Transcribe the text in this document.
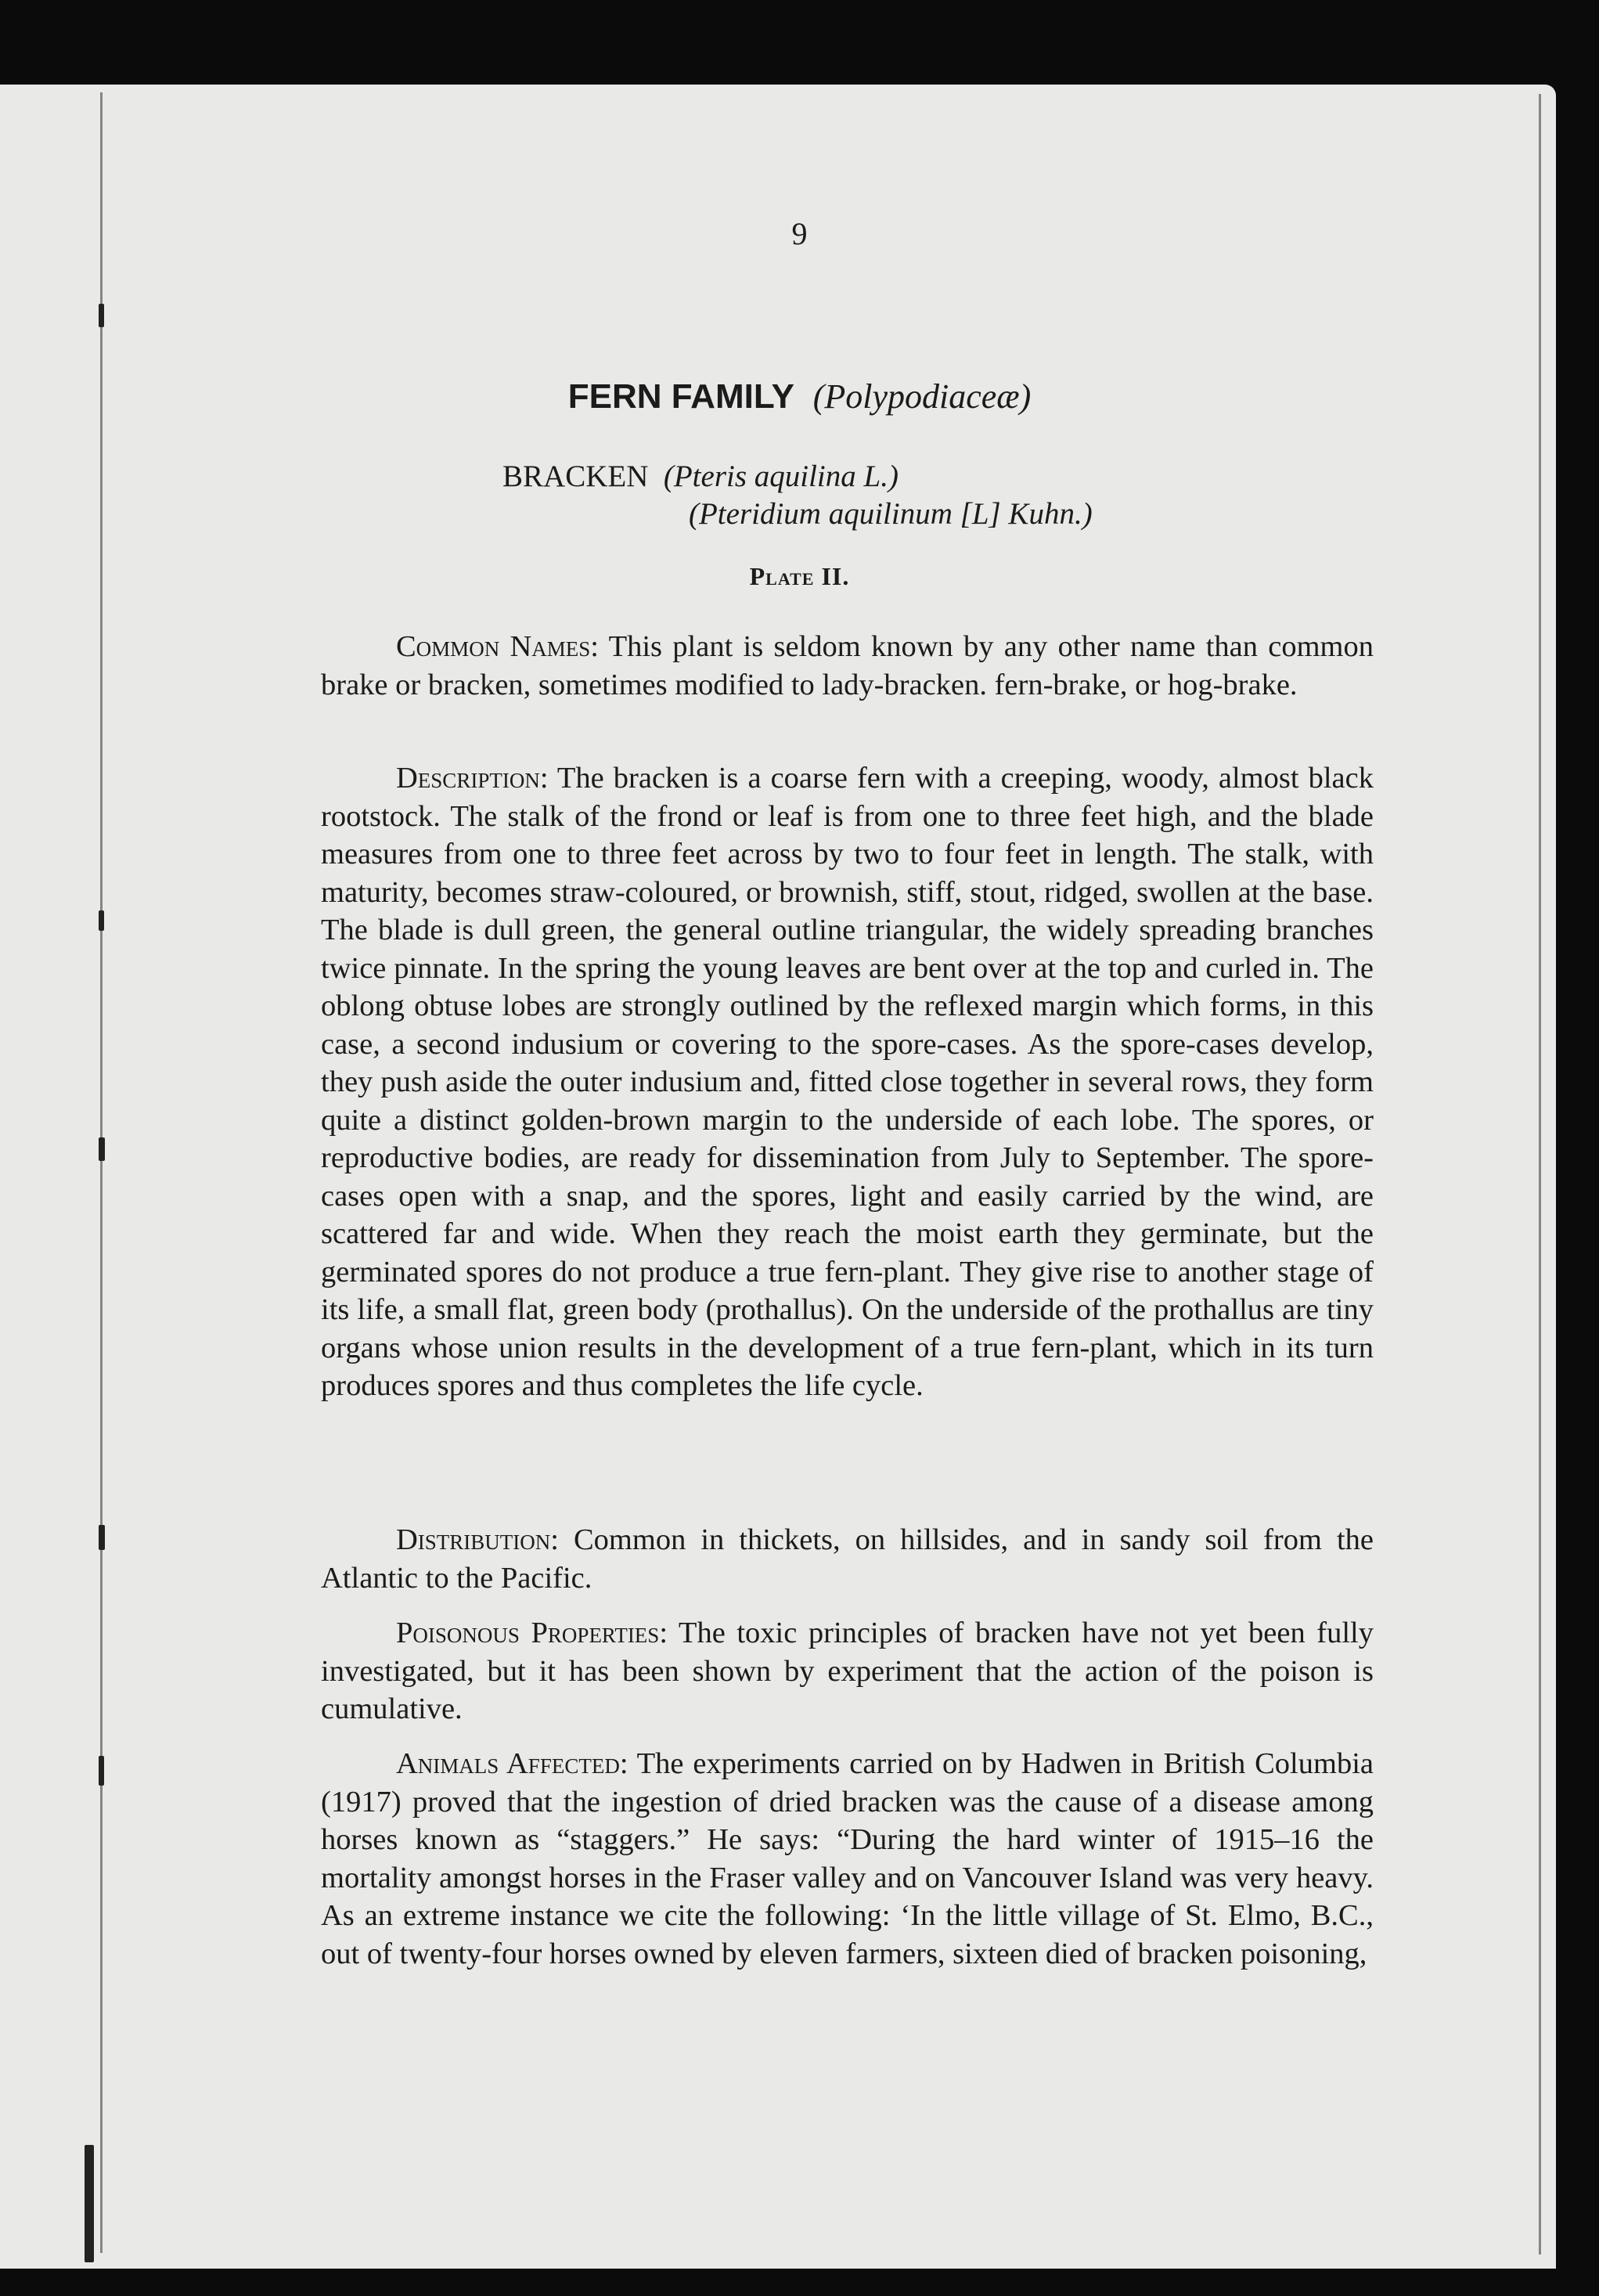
9
FERN FAMILY (Polypodiaceæ)
BRACKEN (Pteris aquilina L.)
(Pteridium aquilinum [L] Kuhn.)
Plate II.

Common Names: This plant is seldom known by any other name than common brake or bracken, sometimes modified to lady-bracken. fern-brake, or hog-brake.

Description: The bracken is a coarse fern with a creeping, woody, almost black rootstock. The stalk of the frond or leaf is from one to three feet high, and the blade measures from one to three feet across by two to four feet in length. The stalk, with maturity, becomes straw-coloured, or brownish, stiff, stout, ridged, swollen at the base. The blade is dull green, the general outline triangular, the widely spreading branches twice pinnate. In the spring the young leaves are bent over at the top and curled in. The oblong obtuse lobes are strongly outlined by the reflexed margin which forms, in this case, a second indusium or covering to the spore-cases. As the spore-cases develop, they push aside the outer indusium and, fitted close together in several rows, they form quite a distinct golden-brown margin to the underside of each lobe. The spores, or reproductive bodies, are ready for dissemination from July to September. The spore-cases open with a snap, and the spores, light and easily carried by the wind, are scattered far and wide. When they reach the moist earth they germinate, but the germinated spores do not produce a true fern-plant. They give rise to another stage of its life, a small flat, green body (prothallus). On the underside of the prothallus are tiny organs whose union results in the development of a true fern-plant, which in its turn produces spores and thus completes the life cycle.

Distribution: Common in thickets, on hillsides, and in sandy soil from the Atlantic to the Pacific.

Poisonous Properties: The toxic principles of bracken have not yet been fully investigated, but it has been shown by experiment that the action of the poison is cumulative.

Animals Affected: The experiments carried on by Hadwen in British Columbia (1917) proved that the ingestion of dried bracken was the cause of a disease among horses known as “staggers.” He says: “During the hard winter of 1915–16 the mortality amongst horses in the Fraser valley and on Vancouver Island was very heavy. As an extreme instance we cite the following: ‘In the little village of St. Elmo, B.C., out of twenty-four horses owned by eleven farmers, sixteen died of bracken poisoning,
